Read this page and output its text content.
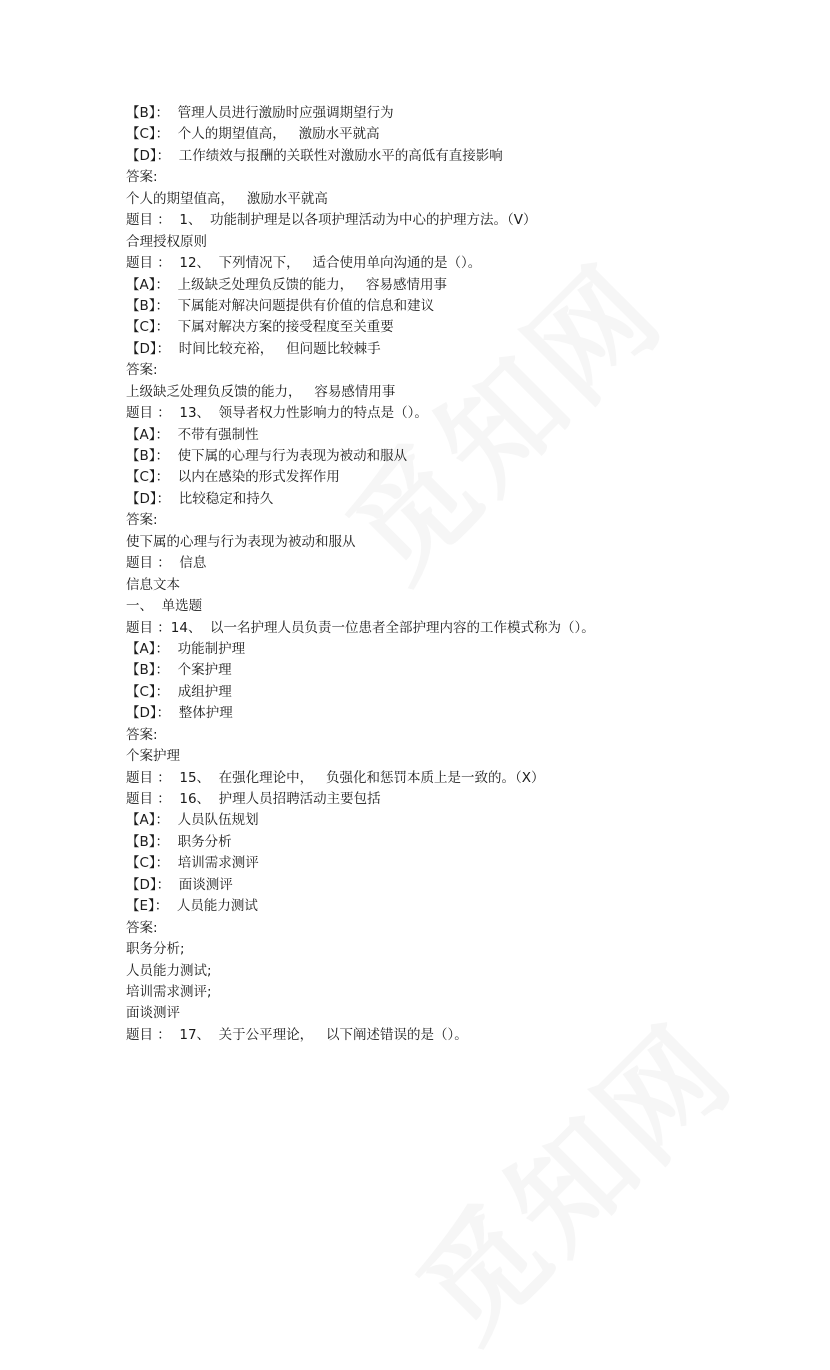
【B】：  管理人员进行激励时应强调期望行为
【C】：  个人的期望值高，   激励水平就高
【D】：  工作绩效与报酬的关联性对激励水平的高低有直接影响
答案:
个人的期望值高，   激励水平就高
题目 ：  1、  功能制护理是以各项护理活动为中心的护理方法。（V）
合理授权原则
题目 ：  12、  下列情况下，   适合使用单向沟通的是（）。
【A】：  上级缺乏处理负反馈的能力，   容易感情用事
【B】：  下属能对解决问题提供有价值的信息和建议
【C】：  下属对解决方案的接受程度至关重要
【D】：  时间比较充裕，   但问题比较棘手
答案:
上级缺乏处理负反馈的能力，   容易感情用事
题目 ：  13、  领导者权力性影响力的特点是（）。
【A】：  不带有强制性
【B】：  使下属的心理与行为表现为被动和服从
【C】：  以内在感染的形式发挥作用
【D】：  比较稳定和持久
答案:
使下属的心理与行为表现为被动和服从
题目 ：  信息
信息文本
一、  单选题
题目 ：14、  以一名护理人员负责一位患者全部护理内容的工作模式称为（）。
【A】：  功能制护理
【B】：  个案护理
【C】：  成组护理
【D】：  整体护理
答案:
个案护理
题目 ：  15、  在强化理论中，   负强化和惩罚本质上是一致的。（X）
题目 ：  16、  护理人员招聘活动主要包括
【A】：  人员队伍规划
【B】：  职务分析
【C】：  培训需求测评
【D】：  面谈测评
【E】：  人员能力测试
答案:
职务分析;
人员能力测试;
培训需求测评;
面谈测评
题目 ：  17、  关于公平理论，   以下阐述错误的是（）。
